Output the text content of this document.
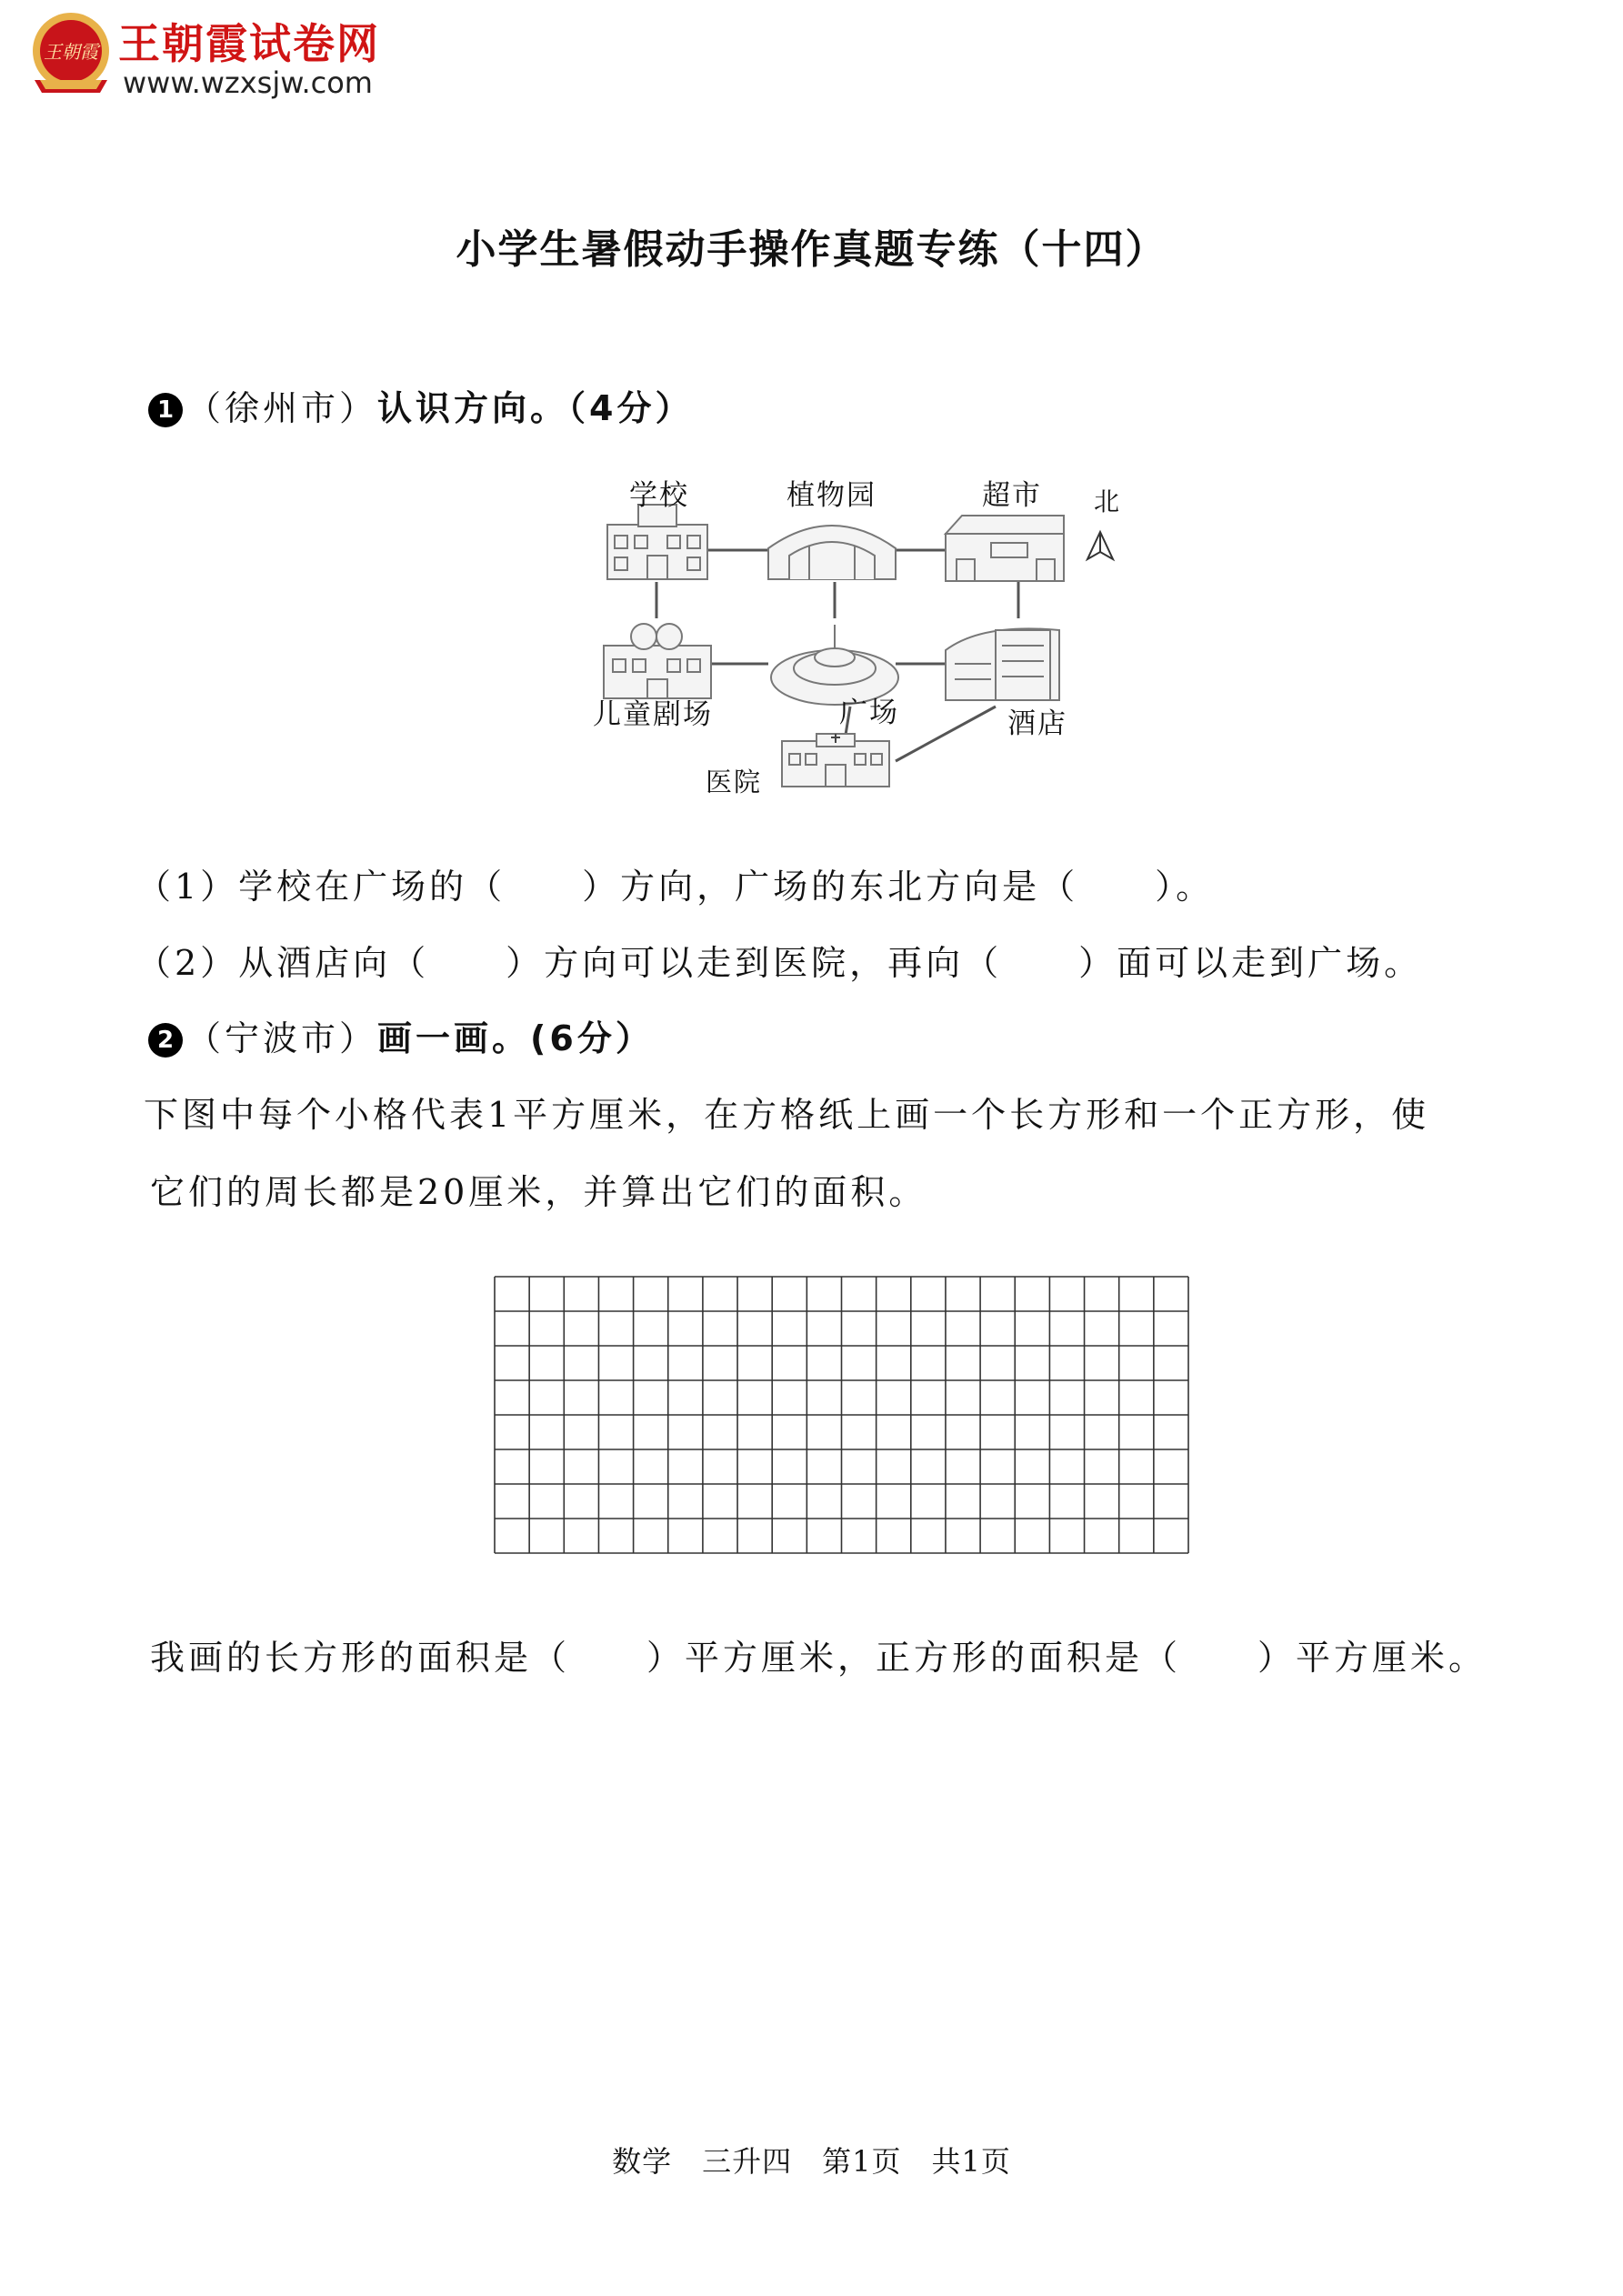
王朝霞 王朝霞试卷网
www.wzxsjw.com
小学生暑假动手操作真题专练（十四）
1 （徐州市）认识方向。（4分）
学校	植物园	超市 北
儿童剧场	广场	酒店
医院
（1）学校在广场的（　　）方向，广场的东北方向是（　　）。
（2）从酒店向（　　）方向可以走到医院，再向（　　）面可以走到广场。
2 （宁波市）画一画。(6分）
下图中每个小格代表1平方厘米，在方格纸上画一个长方形和一个正方形，使
它们的周长都是20厘米，并算出它们的面积。
我画的长方形的面积是（　　）平方厘米，正方形的面积是（　　）平方厘米。
数学　三升四　第1页　共1页
